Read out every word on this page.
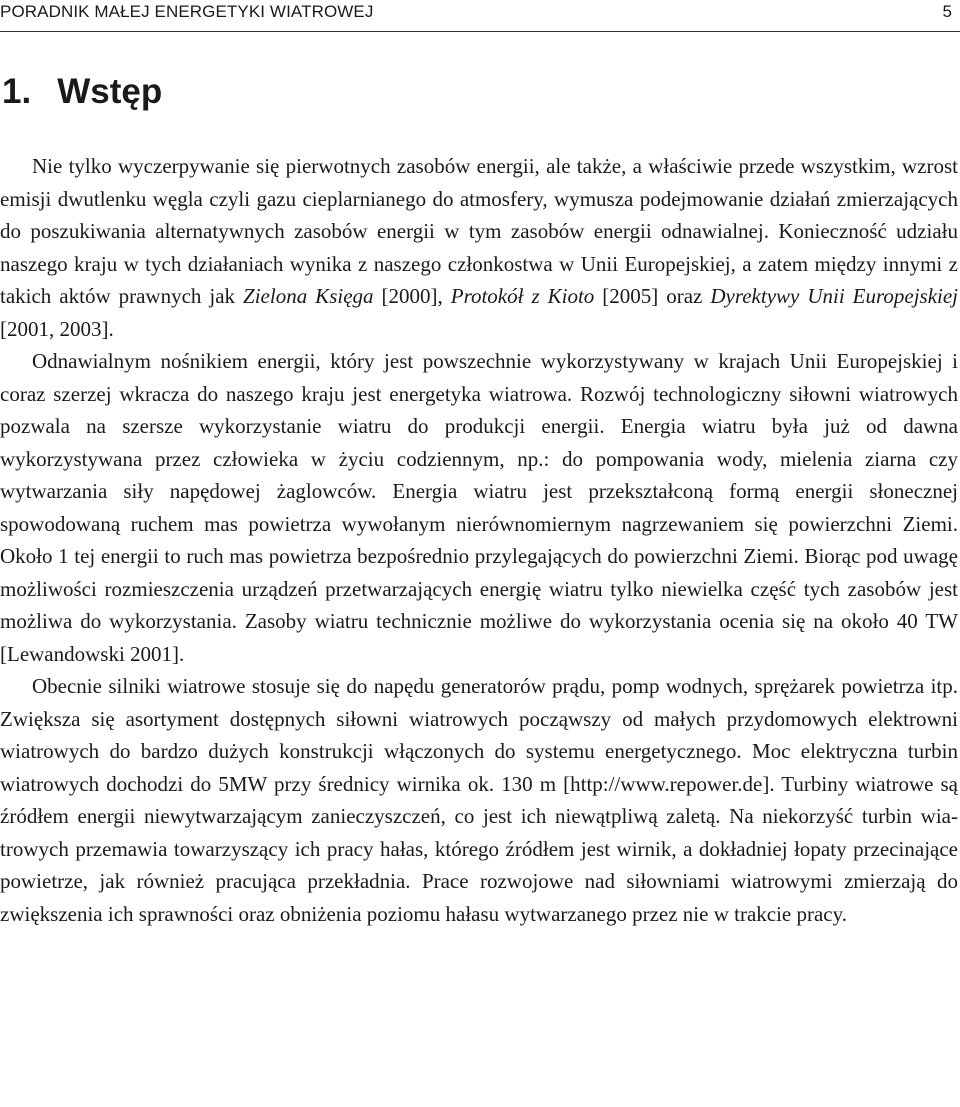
PORADNIK MAŁEJ ENERGETYKI WIATROWEJ	5
1. Wstęp

Nie tylko wyczerpywanie się pierwotnych zasobów energii, ale także, a właściwie przede wszystkim, wzrost emisji dwutlenku węgla czyli gazu cieplarnianego do atmosfery, wymusza podejmowanie działań zmierzających do poszukiwania alternatywnych zasobów energii w tym zasobów energii odnawialnej. Konieczność udziału naszego kraju w tych działaniach wynika z naszego członkostwa w Unii Europejskiej, a zatem między innymi z takich aktów prawnych jak Zielona Księga [2000], Protokół z Kioto [2005] oraz Dyrektywy Unii Europejskiej [2001, 2003].

Odnawialnym nośnikiem energii, który jest powszechnie wykorzystywany w krajach Unii Europejskiej i coraz szerzej wkracza do naszego kraju jest energetyka wiatrowa. Rozwój technologiczny siłowni wiatrowych pozwala na szersze wykorzystanie wiatru do produkcji energii. Energia wiatru była już od dawna wykorzystywana przez człowieka w życiu codziennym, np.: do pompowania wody, mielenia ziarna czy wytwarzania siły napędowej żaglowców. Energia wiatru jest przekształconą formą energii słonecznej spowodowaną ruchem mas powietrza wywołanym nierównomiernym nagrzewaniem się powierzchni Ziemi. Około 1 tej energii to ruch mas powietrza bezpośrednio przylegających do powierzchni Ziemi. Biorąc pod uwagę możliwości rozmieszczenia urządzeń przetwarzających energię wiatru tylko niewielka część tych zasobów jest możliwa do wykorzystania. Zasoby wiatru technicznie możliwe do wykorzystania ocenia się na około 40 TW [Lewandowski 2001].

Obecnie silniki wiatrowe stosuje się do napędu generatorów prądu, pomp wodnych, sprężarek powietrza itp. Zwiększa się asortyment dostępnych siłowni wiatrowych począwszy od małych przydomowych elektrowni wiatrowych do bardzo dużych konstrukcji włączonych do systemu energetycznego. Moc elektryczna turbin wiatrowych dochodzi do 5MW przy średnicy wirnika ok. 130 m [http://www.repower.de]. Turbiny wiatrowe są źródłem energii niewytwarzającym zanieczyszczeń, co jest ich niewątpliwą zaletą. Na niekorzyść turbin wiatrowych przemawia towarzyszący ich pracy hałas, którego źródłem jest wirnik, a dokładniej łopaty przecinające powietrze, jak również pracująca przekładnia. Prace rozwojowe nad siłowniami wiatrowymi zmierzają do zwiększenia ich sprawności oraz obniżenia poziomu hałasu wytwarzanego przez nie w trakcie pracy.
